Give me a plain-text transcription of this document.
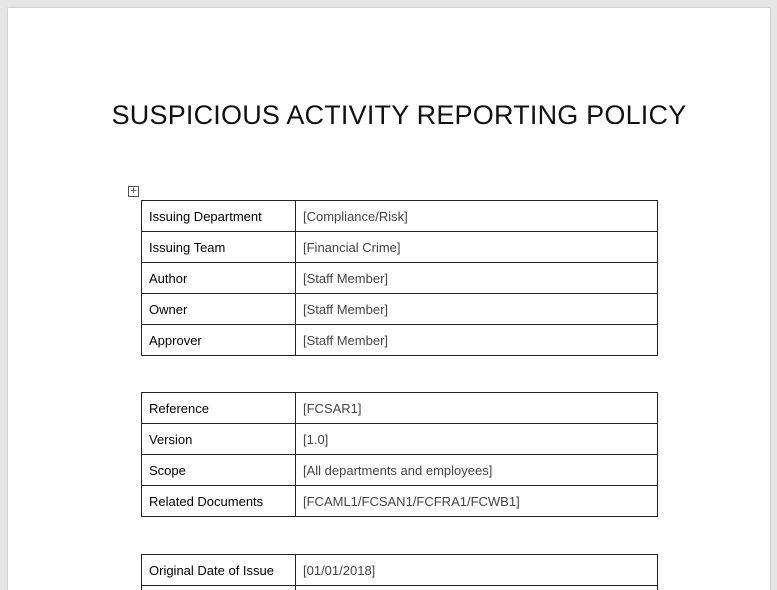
SUSPICIOUS ACTIVITY REPORTING POLICY
+
Issuing Department	[Compliance/Risk]
Issuing Team	[Financial Crime]
Author	[Staff Member]
Owner	[Staff Member]
Approver	[Staff Member]
Reference	[FCSAR1]
Version	[1.0]
Scope	[All departments and employees]
Related Documents	[FCAML1/FCSAN1/FCFRA1/FCWB1]
Original Date of Issue	[01/01/2018]
